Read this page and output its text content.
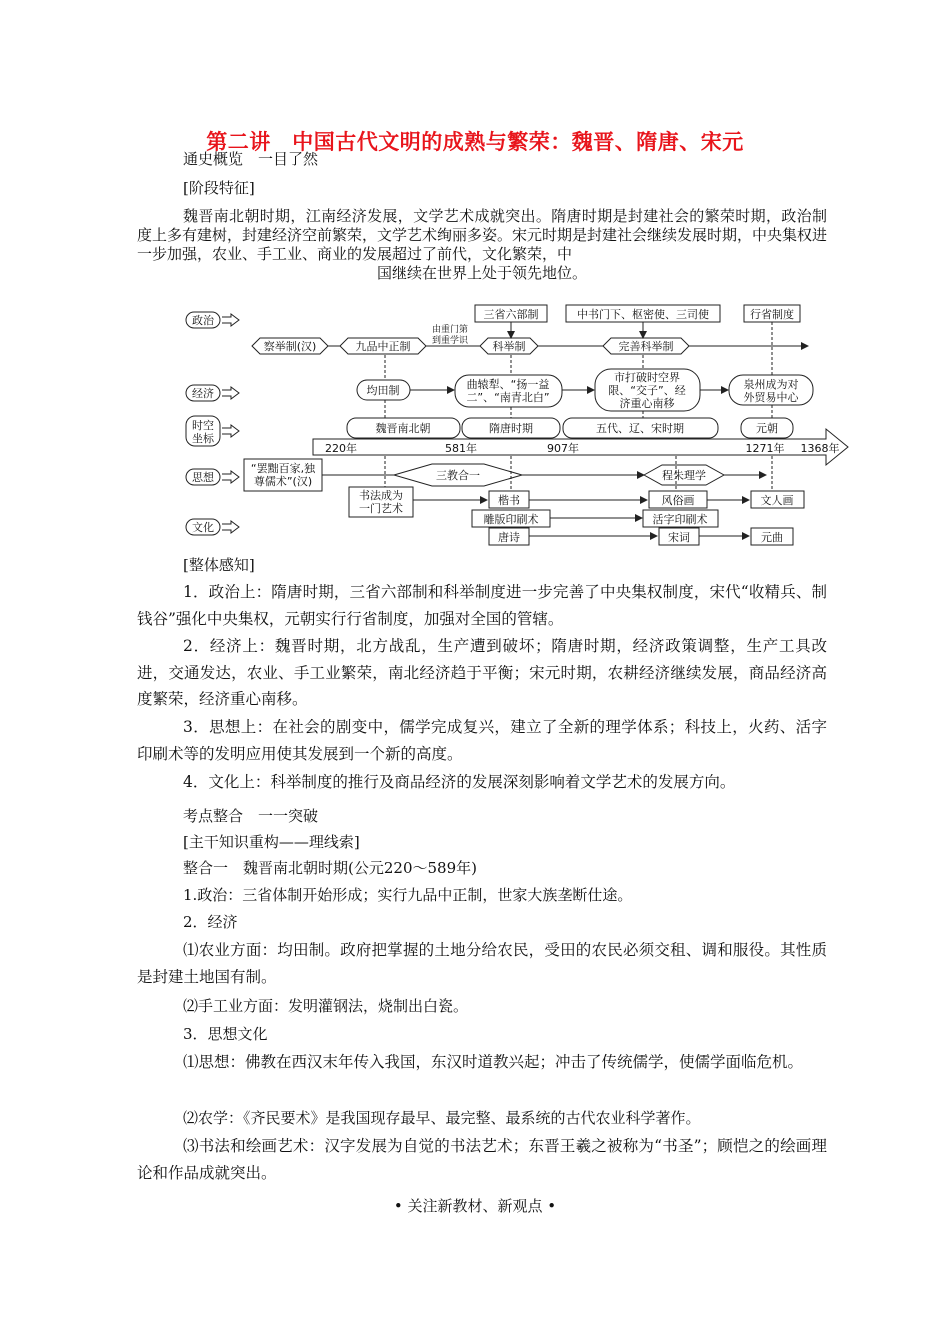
第二讲　中国古代文明的成熟与繁荣：魏晋、隋唐、宋元
通史概览　一目了然
[阶段特征]
魏晋南北朝时期，江南经济发展，文学艺术成就突出。隋唐时期是封建社会的繁荣时期，政治制度上多有建树，封建经济空前繁荣，文学艺术绚丽多姿。宋元时期是封建社会继续发展时期，中央集权进一步加强，农业、手工业、商业的发展超过了前代，文化繁荣，中
国继续在世界上处于领先地位。
政治
经济
时空
坐标
思想
文化
察举制(汉)	九品中正制
由重门第
到重学识 科举制
三省六部制
完善科举制
中书门下、枢密使、三司使	行省制度
均田制	曲辕犁、“扬一益
二”、“南青北白”
市打破时空界
限、“交子”、经
济重心南移
泉州成为对
外贸易中心
魏晋南北朝	隋唐时期	五代、辽、宋时期	元朝
220年	581年	907年	1271年 1368年
“罢黜百家,独
尊儒术”(汉)	三教合一	程朱理学
书法成为
一门艺术
楷书	风俗画	文人画
雕版印刷术	活字印刷术
唐诗	宋词	元曲
[整体感知]
1．政治上：隋唐时期，三省六部制和科举制度进一步完善了中央集权制度，宋代“收精兵、制钱谷”强化中央集权，元朝实行行省制度，加强对全国的管辖。
2．经济上：魏晋时期，北方战乱，生产遭到破坏；隋唐时期，经济政策调整，生产工具改进，交通发达，农业、手工业繁荣，南北经济趋于平衡；宋元时期，农耕经济继续发展，商品经济高度繁荣，经济重心南移。
3．思想上：在社会的剧变中，儒学完成复兴，建立了全新的理学体系；科技上，火药、活字印刷术等的发明应用使其发展到一个新的高度。
4．文化上：科举制度的推行及商品经济的发展深刻影响着文学艺术的发展方向。
考点整合　一一突破
[主干知识重构——理线索]
整合一　魏晋南北朝时期(公元220～589年)
1.政治：三省体制开始形成；实行九品中正制，世家大族垄断仕途。
2．经济
⑴农业方面：均田制。政府把掌握的土地分给农民，受田的农民必须交租、调和服役。其性质是封建土地国有制。
⑵手工业方面：发明灌钢法，烧制出白瓷。
3．思想文化
⑴思想：佛教在西汉末年传入我国，东汉时道教兴起；冲击了传统儒学，使儒学面临危机。
⑵农学：《齐民要术》是我国现存最早、最完整、最系统的古代农业科学著作。
⑶书法和绘画艺术：汉字发展为自觉的书法艺术；东晋王羲之被称为“书圣”；顾恺之的绘画理论和作品成就突出。
• 关注新教材、新观点 •
